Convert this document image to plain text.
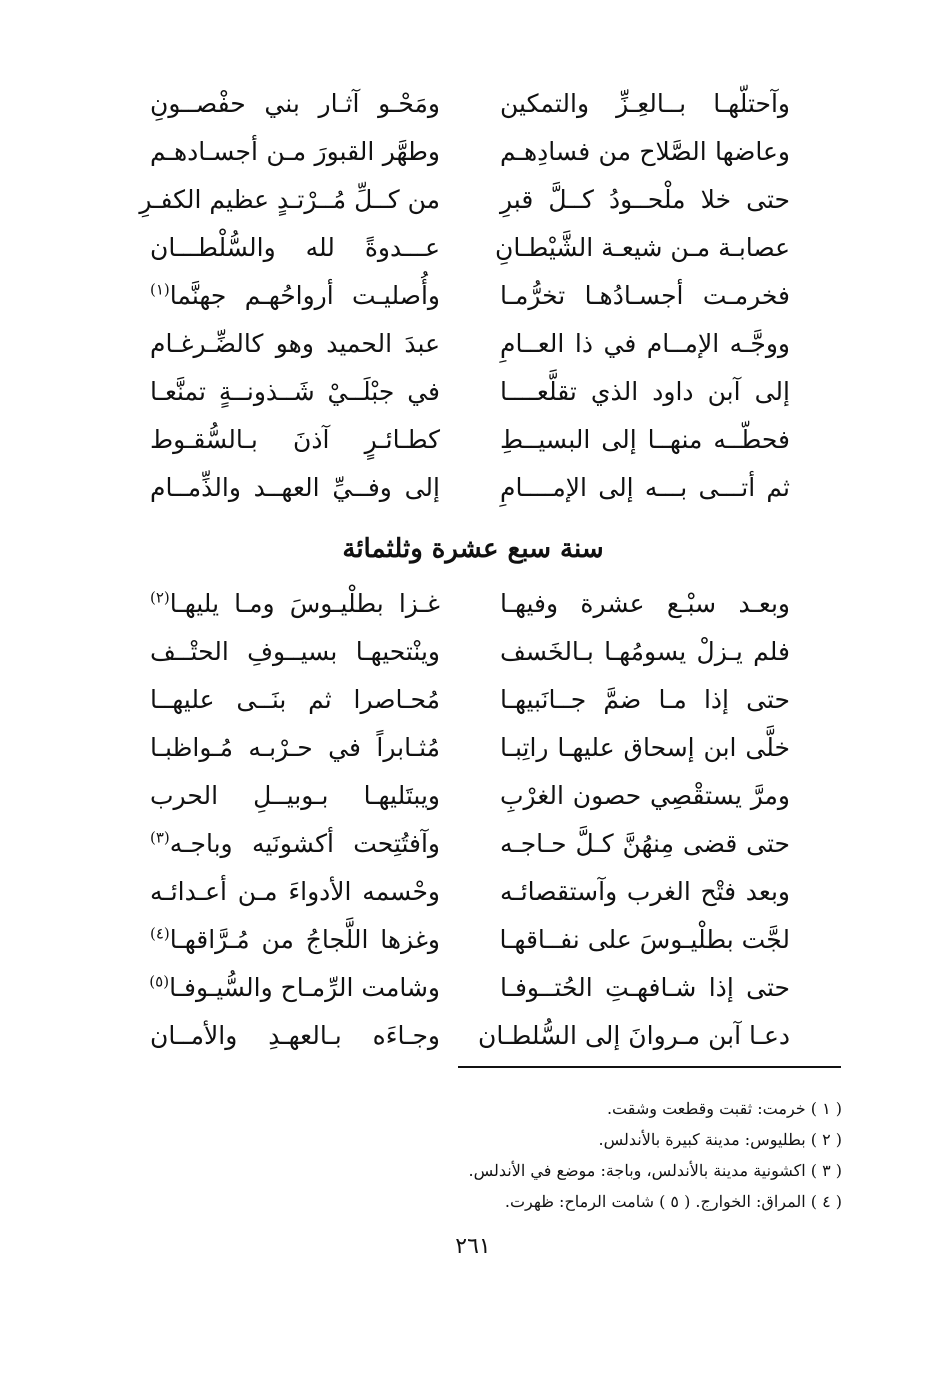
وآحتلّهـا بــالعِـزِّ والتمكين
ومَحْـو آثـار بني حفْصــونِ
وعاضها الصَّلاح من فسادِهـم
وطهَّر القبورَ مـن أجسـادهـم
حتى خلا ملْحــودُ كــلَّ قبرِ
من كــلِّ مُــرْتـدٍ عظيم الكفـرِ
عصابـة مـن شيعـة الشَّيْطـانِ
عـــدوةً لله والسُّلْطـــان
فخرمـت أجسـادُهـا تخرُّمـا
وأُصليـت أرواحُهـم جهنَّما$^{(١)}$
ووجَّـه الإمــام في ذا العــامِ
عبدَ الحميد وهو كالضِّـرغـام
إلى آبن داود الذي تقلَّعــــا
في جبْلَــيْ شَــذونــةٍ تمنَّعـا
فحطّــه منهــا إلى البسيــطِ
كطـائـرٍ آذنَ بـالسُّقـوط
ثم أتـــى بـــه إلى الإمــــامِ
إلى وفــيِّ العهــد والذِّمــام
سنة سبع عشرة وثلثمائة
وبعـد سبْـع عشرة وفيهـا
غـزا بطلْيـوسَ ومـا يليهـا$^{(٢)}$
فلم يـزلْ يسومُهـا بـالخَسف
وينْتحيهـا بسيــوفِ الحتْــف
حتى إذا مـا ضمَّ جــانَبيهـا
مُحـاصرا ثم بنَــى عليهــا
خلَّى ابن إسحاق عليهـا راتِبـا
مُثـابراً في حـرْبـه مُـواظبـا
ومرَّ يستقْصِي حصون الغرْبِ
ويبتَليهـا بـوبيــلِ الحرب
حتى قضى مِنهُنَّ كـلَّ حـاجـه
وآفتُتِحت أكشونَيه وباجـه$^{(٣)}$
وبعد فتْح الغرب وآستقصائـه
وحْسمه الأدواءَ مـن أعـدائـه
لجَّت بطلْيـوسَ على نفــاقهـا
وغزها اللَّجاجُ من مُـرَّاقهـا$^{(٤)}$
حتى إذا شـافهـتِ الحُتــوفـا
وشامت الرِّمـاح والسُّيـوفـا$^{(٥)}$
دعـا آبن مـروانَ إلى السُّلطـان
وجـاءَه بـالعهـدِ والأمــان
( ١ ) خرمت: ثقبت وقطعت وشقت.
( ٢ ) بطليوس: مدينة كبيرة بالأندلس.
( ٣ ) اكشونية مدينة بالأندلس، وباجة: موضع في الأندلس.
( ٤ ) المراق: الخوارج. ( ٥ ) شامت الرماح: ظهرت.
٢٦١
